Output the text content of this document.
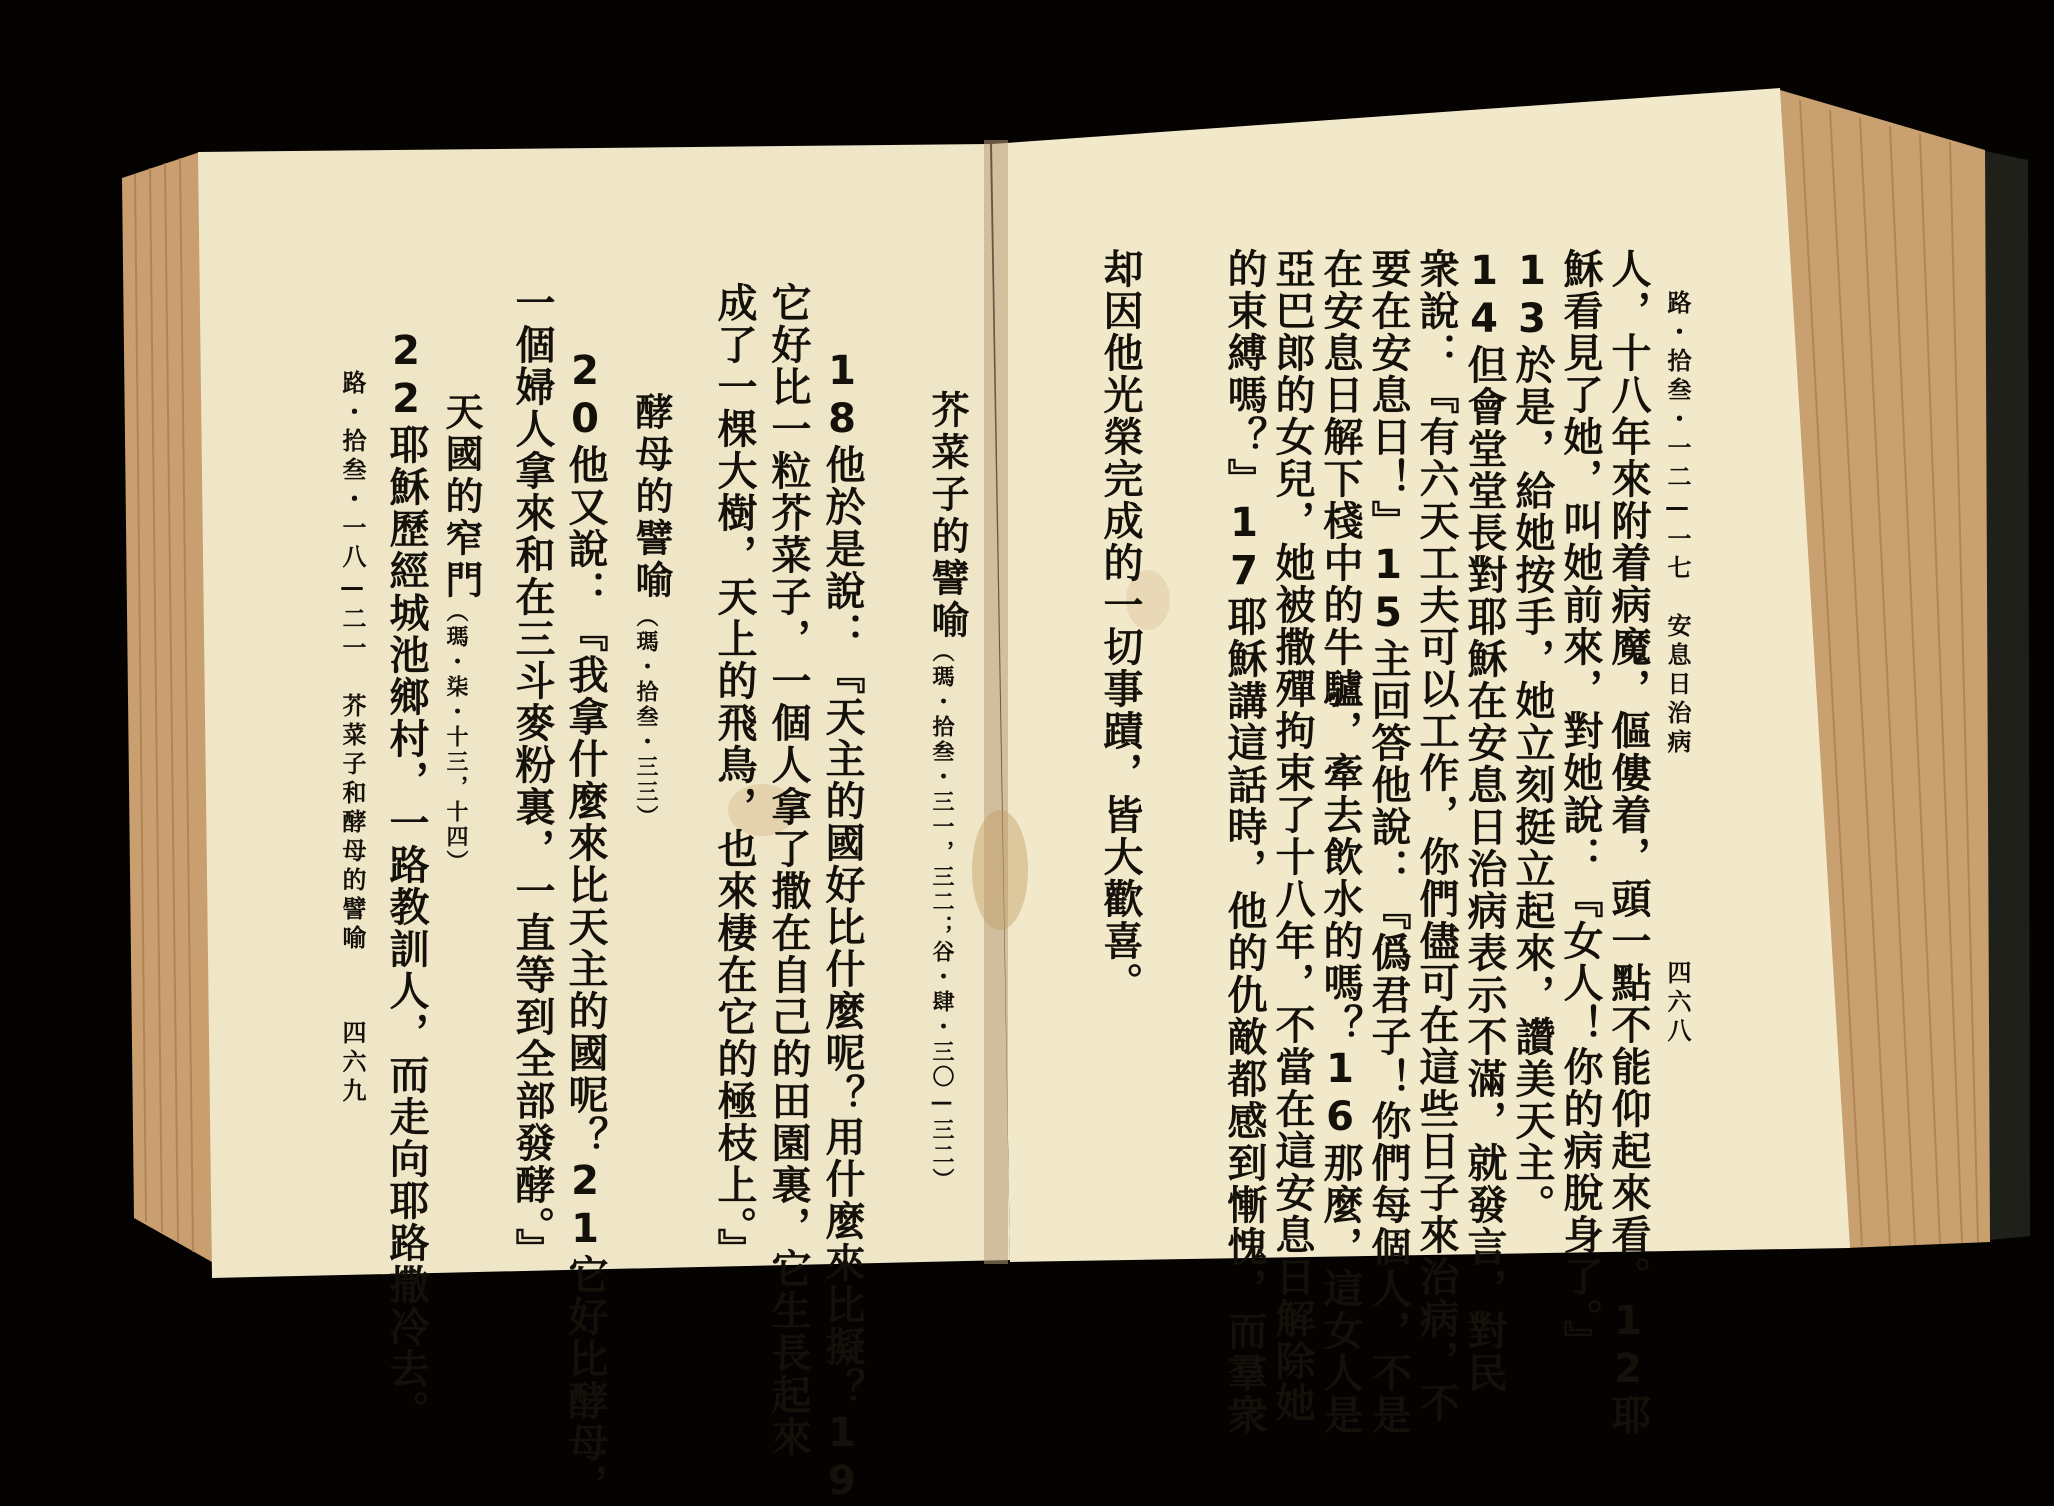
路・拾叁・一二—一七　安息日治病
四六八
人，十八年來附着病魔，傴僂着，頭一點不能仰起來看。12耶
穌看見了她，叫她前來，對她說：『女人！你的病脫身了。』
13於是，給她按手，她立刻挺立起來，讚美天主。
14但會堂堂長對耶穌在安息日治病表示不滿，就發言，對民
衆說：『有六天工夫可以工作，你們儘可在這些日子來治病，不
要在安息日！』15主回答他說：『僞君子！你們每個人，不是
在安息日解下棧中的牛驢，牽去飲水的嗎？16那麼，這女人是
亞巴郎的女兒，她被撒殫拘束了十八年，不當在這安息日解除她
的束縛嗎？』17耶穌講這話時，他的仇敵都感到慚愧，而羣衆
却因他光榮完成的一切事蹟，皆大歡喜。
芥菜子的譬喻
（瑪・拾叁・三一，三二；谷・肆・三〇—三二）
18他於是說：『天主的國好比什麼呢？用什麼來比擬？19
它好比一粒芥菜子，一個人拿了撒在自己的田園裏，它生長起來
成了一棵大樹，天上的飛鳥，也來棲在它的極枝上。』
酵母的譬喻
（瑪・拾叁・三三）
20他又說：『我拿什麼來比天主的國呢？21它好比酵母，
一個婦人拿來和在三斗麥粉裏，一直等到全部發酵。』
天國的窄門
（瑪・柒・十三，十四）
22耶穌歷經城池鄉村，一路教訓人，而走向耶路撒冷去。
路・拾叁・一八—二一　芥菜子和酵母的譬喻
四六九
